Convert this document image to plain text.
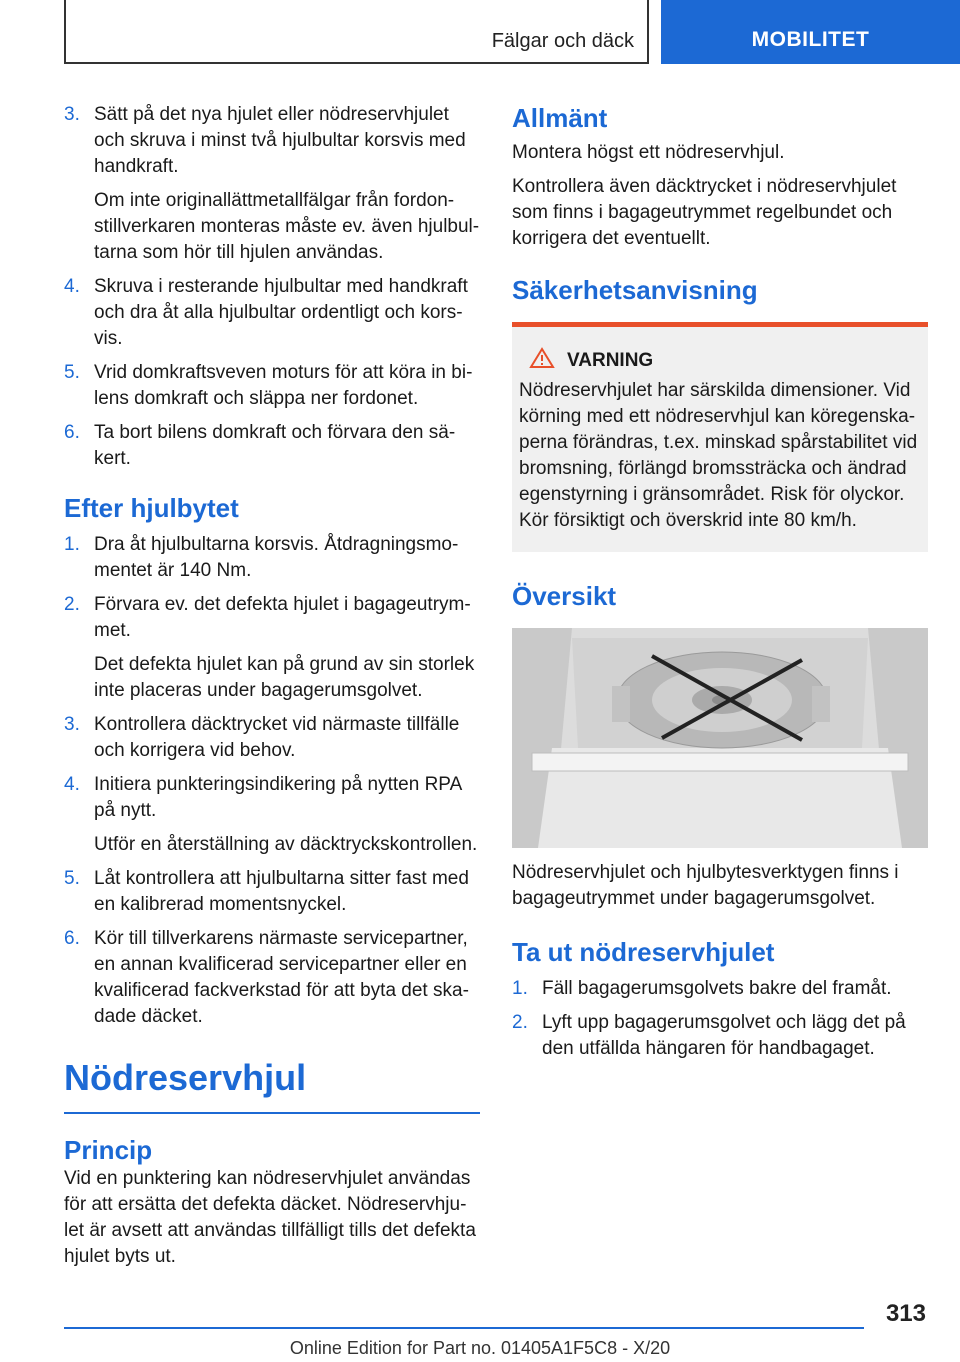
Fälgar och däck	MOBILITET
3. Sätt på det nya hjulet eller nödreservhjulet och skruva i minst två hjulbultar korsvis med handkraft.

Om inte originallättmetallfälgar från fordonstillverkaren monteras måste ev. även hjulbultarna som hör till hjulen användas.

4. Skruva i resterande hjulbultar med handkraft och dra åt alla hjulbultar ordentligt och korsvis.

5. Vrid domkraftsveven moturs för att köra in bilens domkraft och släppa ner fordonet.

6. Ta bort bilens domkraft och förvara den säkert.

Efter hjulbytet
1. Dra åt hjulbultarna korsvis. Åtdragningsmomentet är 140 Nm.

2. Förvara ev. det defekta hjulet i bagageutrymmet.

Det defekta hjulet kan på grund av sin storlek inte placeras under bagagerumsgolvet.

3. Kontrollera däcktrycket vid närmaste tillfälle och korrigera vid behov.

4. Initiera punkteringsindikering på nytten RPA på nytt.

Utför en återställning av däcktryckskontrollen.

5. Låt kontrollera att hjulbultarna sitter fast med en kalibrerad momentsnyckel.

6. Kör till tillverkarens närmaste servicepartner, en annan kvalificerad servicepartner eller en kvalificerad fackverkstad för att byta det skadade däcket.

Nödreservhjul
Princip

Vid en punktering kan nödreservhjulet användas för att ersätta det defekta däcket. Nödreservhjulet är avsett att användas tillfälligt tills det defekta hjulet byts ut.

Allmänt

Montera högst ett nödreservhjul.

Kontrollera även däcktrycket i nödreservhjulet som finns i bagageutrymmet regelbundet och korrigera det eventuellt.

Säkerhetsanvisning
VARNING

Nödreservhjulet har särskilda dimensioner. Vid körning med ett nödreservhjul kan köregenskaperna förändras, t.ex. minskad spårstabilitet vid bromsning, förlängd bromssträcka och ändrad egenstyrning i gränsområdet. Risk för olyckor. Kör försiktigt och överskrid inte 80 km/h.

Översikt

Nödreservhjulet och hjulbytesverktygen finns i bagageutrymmet under bagagerumsgolvet.

Ta ut nödreservhjulet
1. Fäll bagagerumsgolvets bakre del framåt.

2. Lyft upp bagagerumsgolvet och lägg det på den utfällda hängaren för handbagaget.

313
Online Edition for Part no. 01405A1F5C8 - X/20
